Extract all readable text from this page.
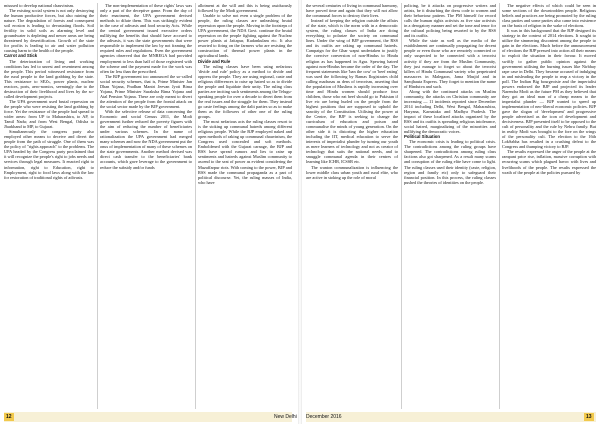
misused to develop national chauvinism.

The existing social system is not only destroying the human productive forces, but also ruining the nature. The degradation of forests and consequent soil erosion is leading to devastating floods. Soil fertility in solid soils as alarming level and groundwater is depleting and newer areas are being threatened by desertification. Growth of the state for profits is leading to air and water pollution causing harm to the health of the people.

Carrot and Stick

The deterioration of living and working conditions has led to unrest and resentment among the people. This period witnessed resistance from the rural people to the land grabbing by the state. This resistance to SEZs, power plants, nuclear reactors, ports, aero-nomics, seemingly due to the destruction of their livelihood and lives by the so-called development projects.

The UPA government used brutal repression on the people who were resisting the land grabbing by force. Yet the resistance of the people had spread to wider areas: from UP to Maharashtra, to AP, to Tamil Nadu; and from West Bengal, Odisha to Jharkhand to MP, to Gujarat.

Simultaneously the congress party also employed other means to deceive and divert the people from the path of struggle. One of them was the policy of "rights approach" to the problems. The UPA headed by the Congress party proclaimed that it will recognize the people's right to jobs needs and services through legal measures. It enacted right to information, right to Education, right to Employment, right to food laws along with the law for restoration of traditional rights of adivasis.

The non-implementation of these rights' laws was only a part of the deceptive game. From the day of their enactment, the UPA government devised methods to dilute them. This was strikingly evident in the case of adivasis and food security Acts. While the central government issued executive orders nullifying the benefits that should have accrued to the adivasis, it was the state governments that were responsible to implement the law by not framing the required rules and regulations. Even the government agencies observed that the MNREGA had provided employment to less than half of those registered with the scheme and the payment made for the work was often far less than the prescribed.

The BJP government too announced the so-called social security schemes, that is, Prime Minister Jan Dhan Yojana, Pradhan Mantri Jeevan Jyoti Bima Yojana, Prime Minister Suraksha Bima Yojana and Atal Pension Yojana. These are only meant to divert the attention of the people from the frontal attack on the social sector made by the BJP government.

With the selective release of data concerning the Economic and social Census 2011, the Modi government further reduced the poverty figures with the aim of reducing the number of beneficiaries under various schemes. In the name of rationalization the UPA government had merged many schemes and now the NDA government put the onus of implementation of many of these schemes on the state governments. Another method devised was direct cash transfer to the beneficiaries' bank accounts, which gave leverage to the government to reduce the subsidy and/or funds

allotment at the will and this is being assiduously followed by the Modi government.

Unable to solve not even a single problem of the people, the ruling classes are unleashing brutal repression upon the people. Moving in the footsteps of UPA government, the NDA Govt. continue the brutal repression on the people fighting against the Nuclear power plants at Jaitapur, Kudankulam etc. It also resorted to firing on the farmers who are resisting the construction of thermal power plants in the agricultural lands.

Divide and Rule

The ruling classes have been using nefarious 'divide and rule' policy as a method to divide and oppress the people. They are using regional, caste and religious differences to raise up hatred so as to divide the people and liquidate their unity. The ruling class parties are inciting such sentiments among the Telugu-speaking people for over a decade to divert them from the real issues and the struggle for them. They instead go caste feelings among the dalit parties so as to make them as the followers of other one of the ruling groups.

The most nefarious acts the ruling classes resort to is the stoking up communal hatreds among different religious people. While the BJP employed naked and open methods of raking up communal chauvinism, the Congress used concealed and soft methods. Emboldened with the Gujarat carnage, the BJP and RSS have spread rumors and lies to raise up sentiments and hatreds against Muslim community to ascend to the seat of power as evident considering the Muzaffarpur riots. With coming to the power, BJP and RSS made the communal propaganda as a part of political discourse. Yet, the ruling masses of India, who have

the several centuries of living in communal harmony, have proved time and again that they will not allow the communal forces to destroy their lives.

Instead of keeping the religion outside the affairs of the state, which is the norm with in a democratic system, the ruling classes of India are doing everything to polarize the society on communal lines. Under the wing of BJP government, the RSS and its outfits are raking up communal hatreds. Campaign for the Ghar wapsi undertaken to justify the coercive conversion of non-Hindus to Hindu religion as has happened in Agra. Spewing hatred against non-Hindus became the order of the day. The frequent statements like 'ban the cow' or 'beef eating' was used the following by Ramas Ilogistrates child calling madrasas as dens of terrorism, asserting that the population of Muslims is rapidly increasing over time and Hindu women should produce four children, those who eat beef should go to Pakistan if live etc are being hurled on the people from the highest positions that are supposed to uphold the sanctity of the Constitution. Utilising the power at the Centre, the BJP is seeking to change the curriculum of education and poison and communalise the minds of young generation. On the other side it is distorting the higher education including the IIT, medical education to serve the interests of imperialist plunder by turning our youth as mere learners of technology and not as creator of technology that suits the national needs, and to smuggle communal agenda in their centres of learning like ICHR, ICSSR etc.

The wanton communalization is influencing the lower middle class urban youth and rural elite, who are active in stoking up the role of moral

policing, be it attacks on progressive writers and artists, be it disturbing the dress code to women and their behaviour pattern. The PM himself for record calls the human rights activists as five star activists in a derogatory manner and set the tone and tenor for the cultural policing being resorted to by the RSS and its outfits.

While the state as well as the media of the establishment are continually propagating for decent people or even those who are remotely connected or only suspected to be connected with a terrorist activity if they are from the Muslim Community, they just manage to forget so about the terrorist killers of Hindu Communal variety who perpetrated massacres in Malegaon, Jama Masjid and in Samjhauta Express. They forget to mention the name of Hindutva and such.

Along with the continued attacks on Muslim community, the attacks on Christian community are increasing — 11 incidents reported since December 2014 including Delhi, West Bengal, Maharashtra, Haryana, Karnataka and Madhya Pradesh. The impact of these localized attacks organized by the RSS and its outfits is spreading religious intolerance, social hatred, marginalizing of the minorities and nullifying the democratic voices.

Political Situation

The economic crisis is leading to political crisis. The contradictions among the ruling groups have sharpened. The contradictions among ruling class factions also got sharpened. As a result many scams and corruption of the ruling elite have come to light. The ruling classes used their identity (caste, religion, region and family etc) only to safeguard their financial position. In this process, the ruling classes pushed the theories of identities on the people.

The negative effects of which could be seen in some sections of the downtrodden people. Religious beliefs and practices are being promoted by the ruling class parties and some parties also came into existence on the basis of religion in the wake of elections.

It was in this background that the BJP designed its strategy in the context of 2014 elections. It sought to utilize the simmering discontent among the people to gain in the elections. Much before the announcement of elections the BJP pressed into action all their means to exploit the situation in their favour. It moved swiftly to gather public opinion against the government utilising the burning issues like Nirbhay rape case in Delhi. They became accused of indulging in and misleading the people to reap a victory in the poll. The Indian Big bourgeoisie and the imperialist powers endorsed the BJP and projected its leader Narendra Modi as the future PM as they believed that they got an ideal man of a cheap means to the imperialist plunder — BJP wanted to speed up implementation of neo-liberal economic policies. BJP gave the slogan of 'development' and progressive people advertised as the icon of development and decisiveness. BJP presented itself to be opposed to the cult of personality and the rule by Nehru family. But in reality Modi was brought to the fore on the wings of the personality cult. The election to the 16th LokSabha has resulted in a crushing defeat to the Congress and thumping victory to BJP.

The results expressed the anger of the people at the rampant price rise, inflation, massive corruption with recurring scams which plagued havoc with lives and livelihoods of the people. The results expressed the wrath of the people at the policies pursued by

12	New Delhi December 2016	13
